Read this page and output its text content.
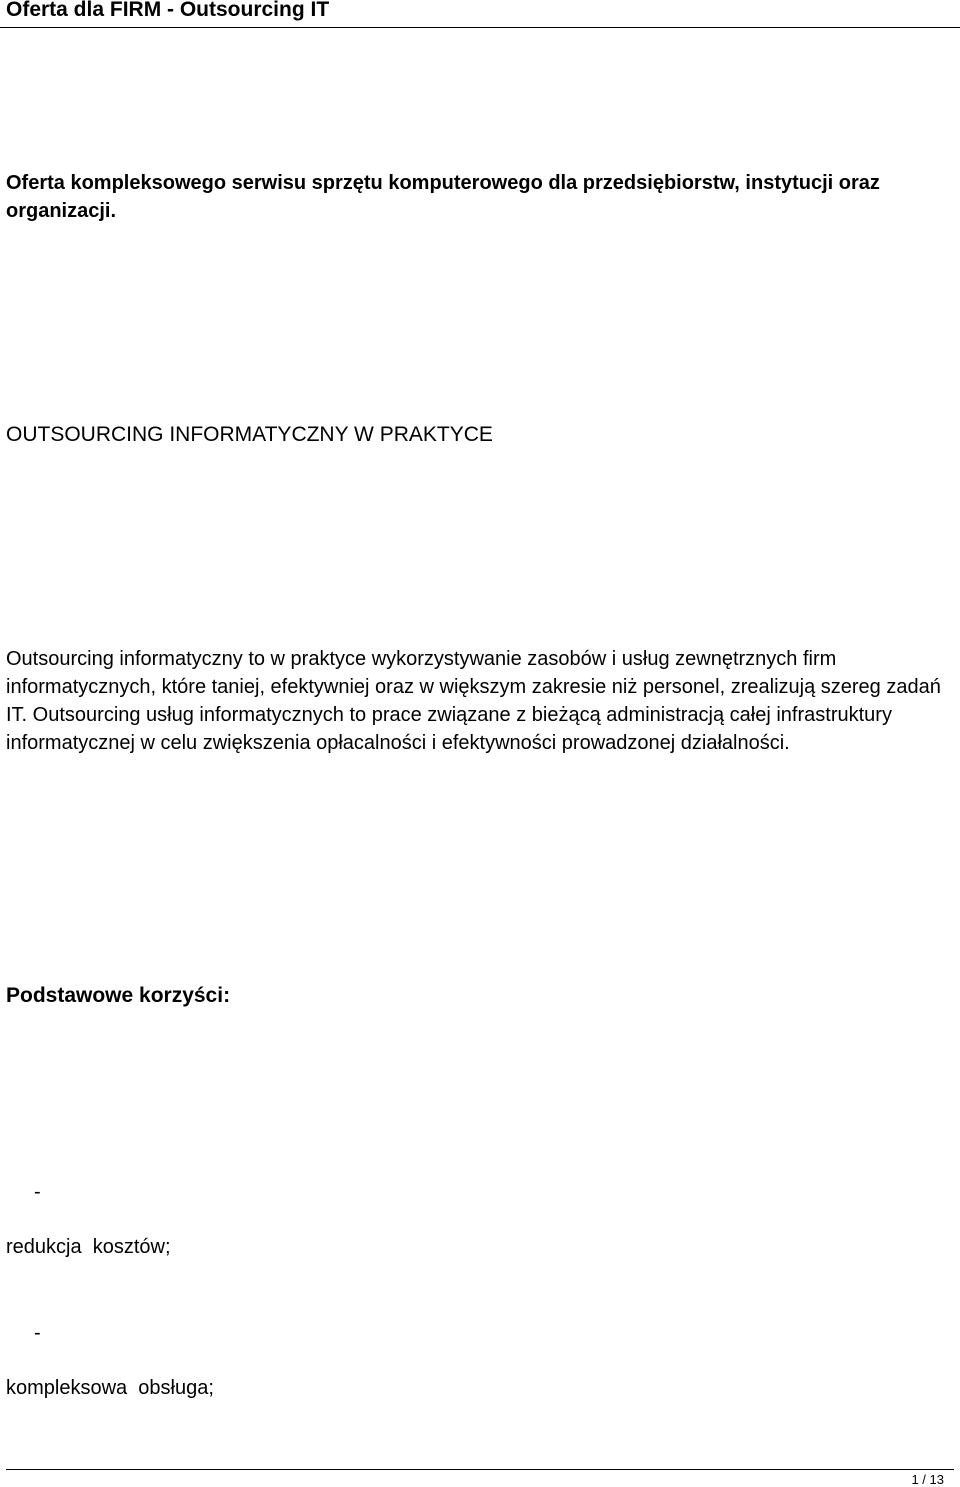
Oferta dla FIRM - Outsourcing IT

Oferta kompleksowego serwisu sprzętu komputerowego dla przedsiębiorstw, instytucji oraz organizacji.

OUTSOURCING INFORMATYCZNY W PRAKTYCE

Outsourcing informatyczny to w praktyce wykorzystywanie zasobów i usług zewnętrznych firm informatycznych, które taniej, efektywniej oraz w większym zakresie niż personel, zrealizują szereg zadań IT. Outsourcing usług informatycznych to prace związane z bieżącą administracją całej infrastruktury informatycznej w celu zwiększenia opłacalności i efektywności prowadzonej działalności.

Podstawowe korzyści:
-
redukcja  kosztów;
-
kompleksowa  obsługa;
1 / 13
